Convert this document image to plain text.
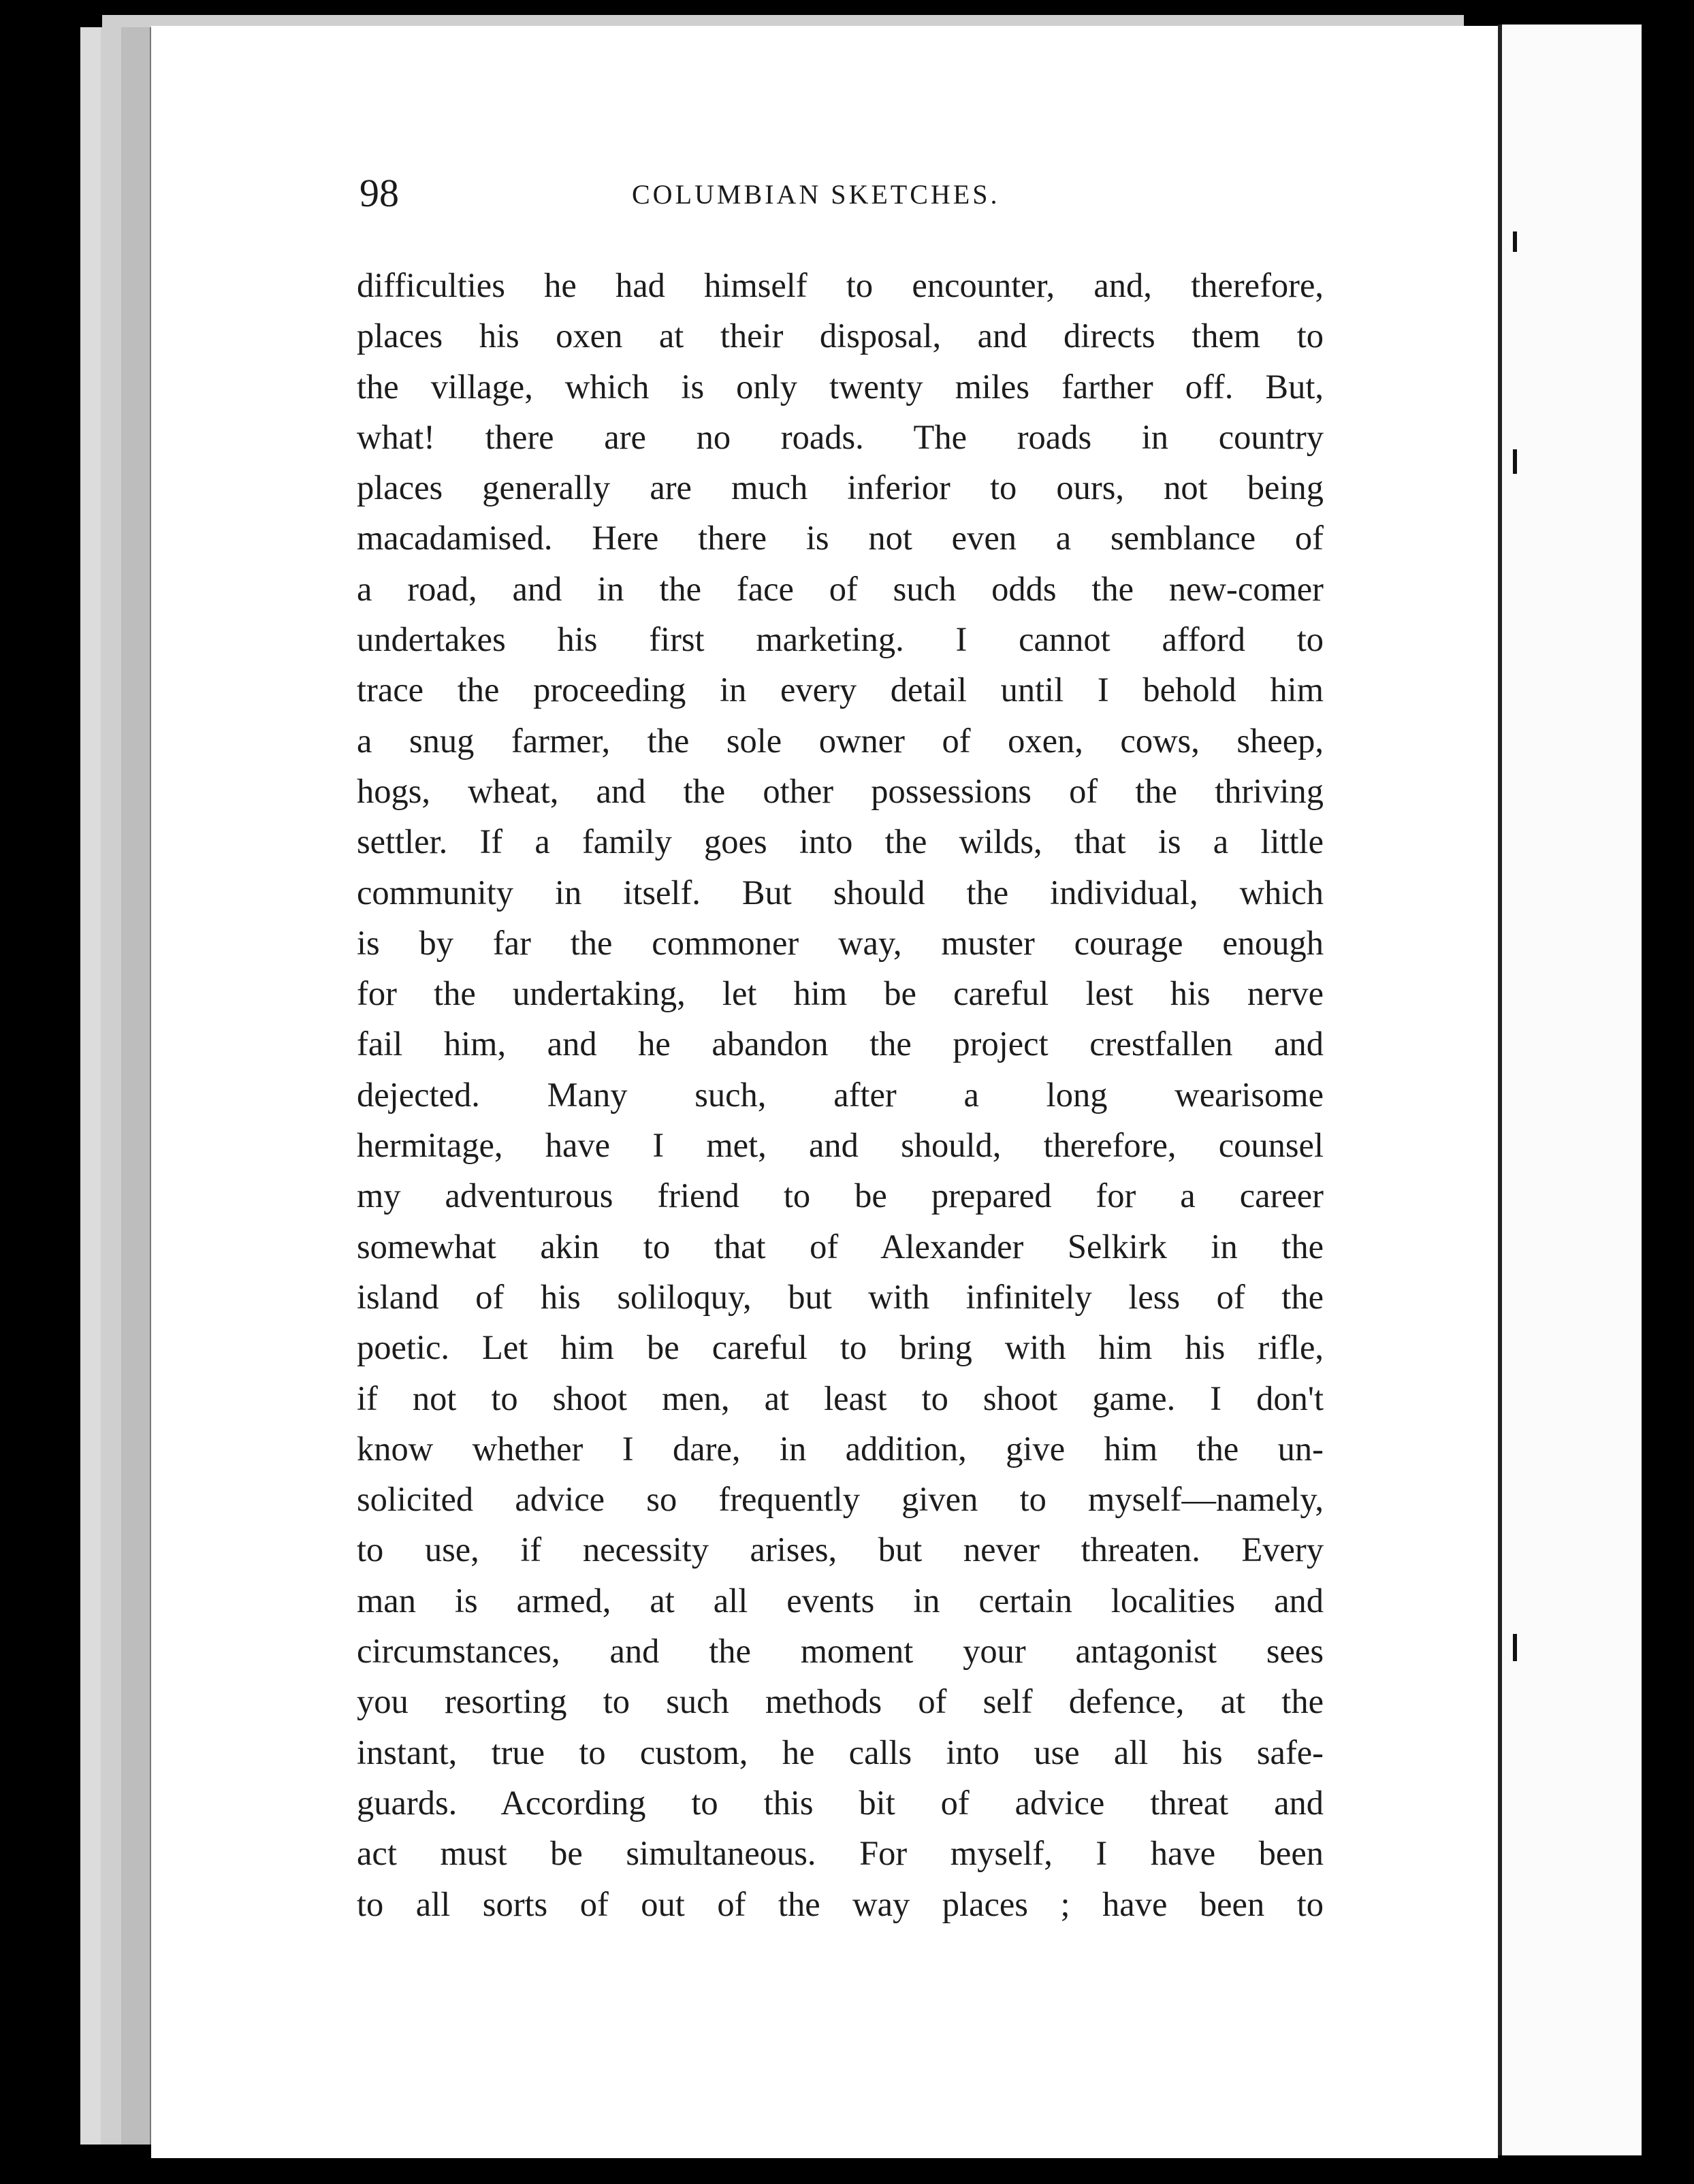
98	COLUMBIAN SKETCHES.
difficulties he had himself to encounter, and, therefore,
places his oxen at their disposal, and directs them to
the village, which is only twenty miles farther off. But,
what! there are no roads. The roads in country
places generally are much inferior to ours, not being
macadamised. Here there is not even a semblance of
a road, and in the face of such odds the new-comer
undertakes his first marketing. I cannot afford to
trace the proceeding in every detail until I behold him
a snug farmer, the sole owner of oxen, cows, sheep,
hogs, wheat, and the other possessions of the thriving
settler. If a family goes into the wilds, that is a little
community in itself. But should the individual, which
is by far the commoner way, muster courage enough
for the undertaking, let him be careful lest his nerve
fail him, and he abandon the project crestfallen and
dejected. Many such, after a long wearisome
hermitage, have I met, and should, therefore, counsel
my adventurous friend to be prepared for a career
somewhat akin to that of Alexander Selkirk in the
island of his soliloquy, but with infinitely less of the
poetic. Let him be careful to bring with him his rifle,
if not to shoot men, at least to shoot game. I don't
know whether I dare, in addition, give him the un-
solicited advice so frequently given to myself—namely,
to use, if necessity arises, but never threaten. Every
man is armed, at all events in certain localities and
circumstances, and the moment your antagonist sees
you resorting to such methods of self defence, at the
instant, true to custom, he calls into use all his safe-
guards. According to this bit of advice threat and
act must be simultaneous. For myself, I have been
to all sorts of out of the way places ; have been to
